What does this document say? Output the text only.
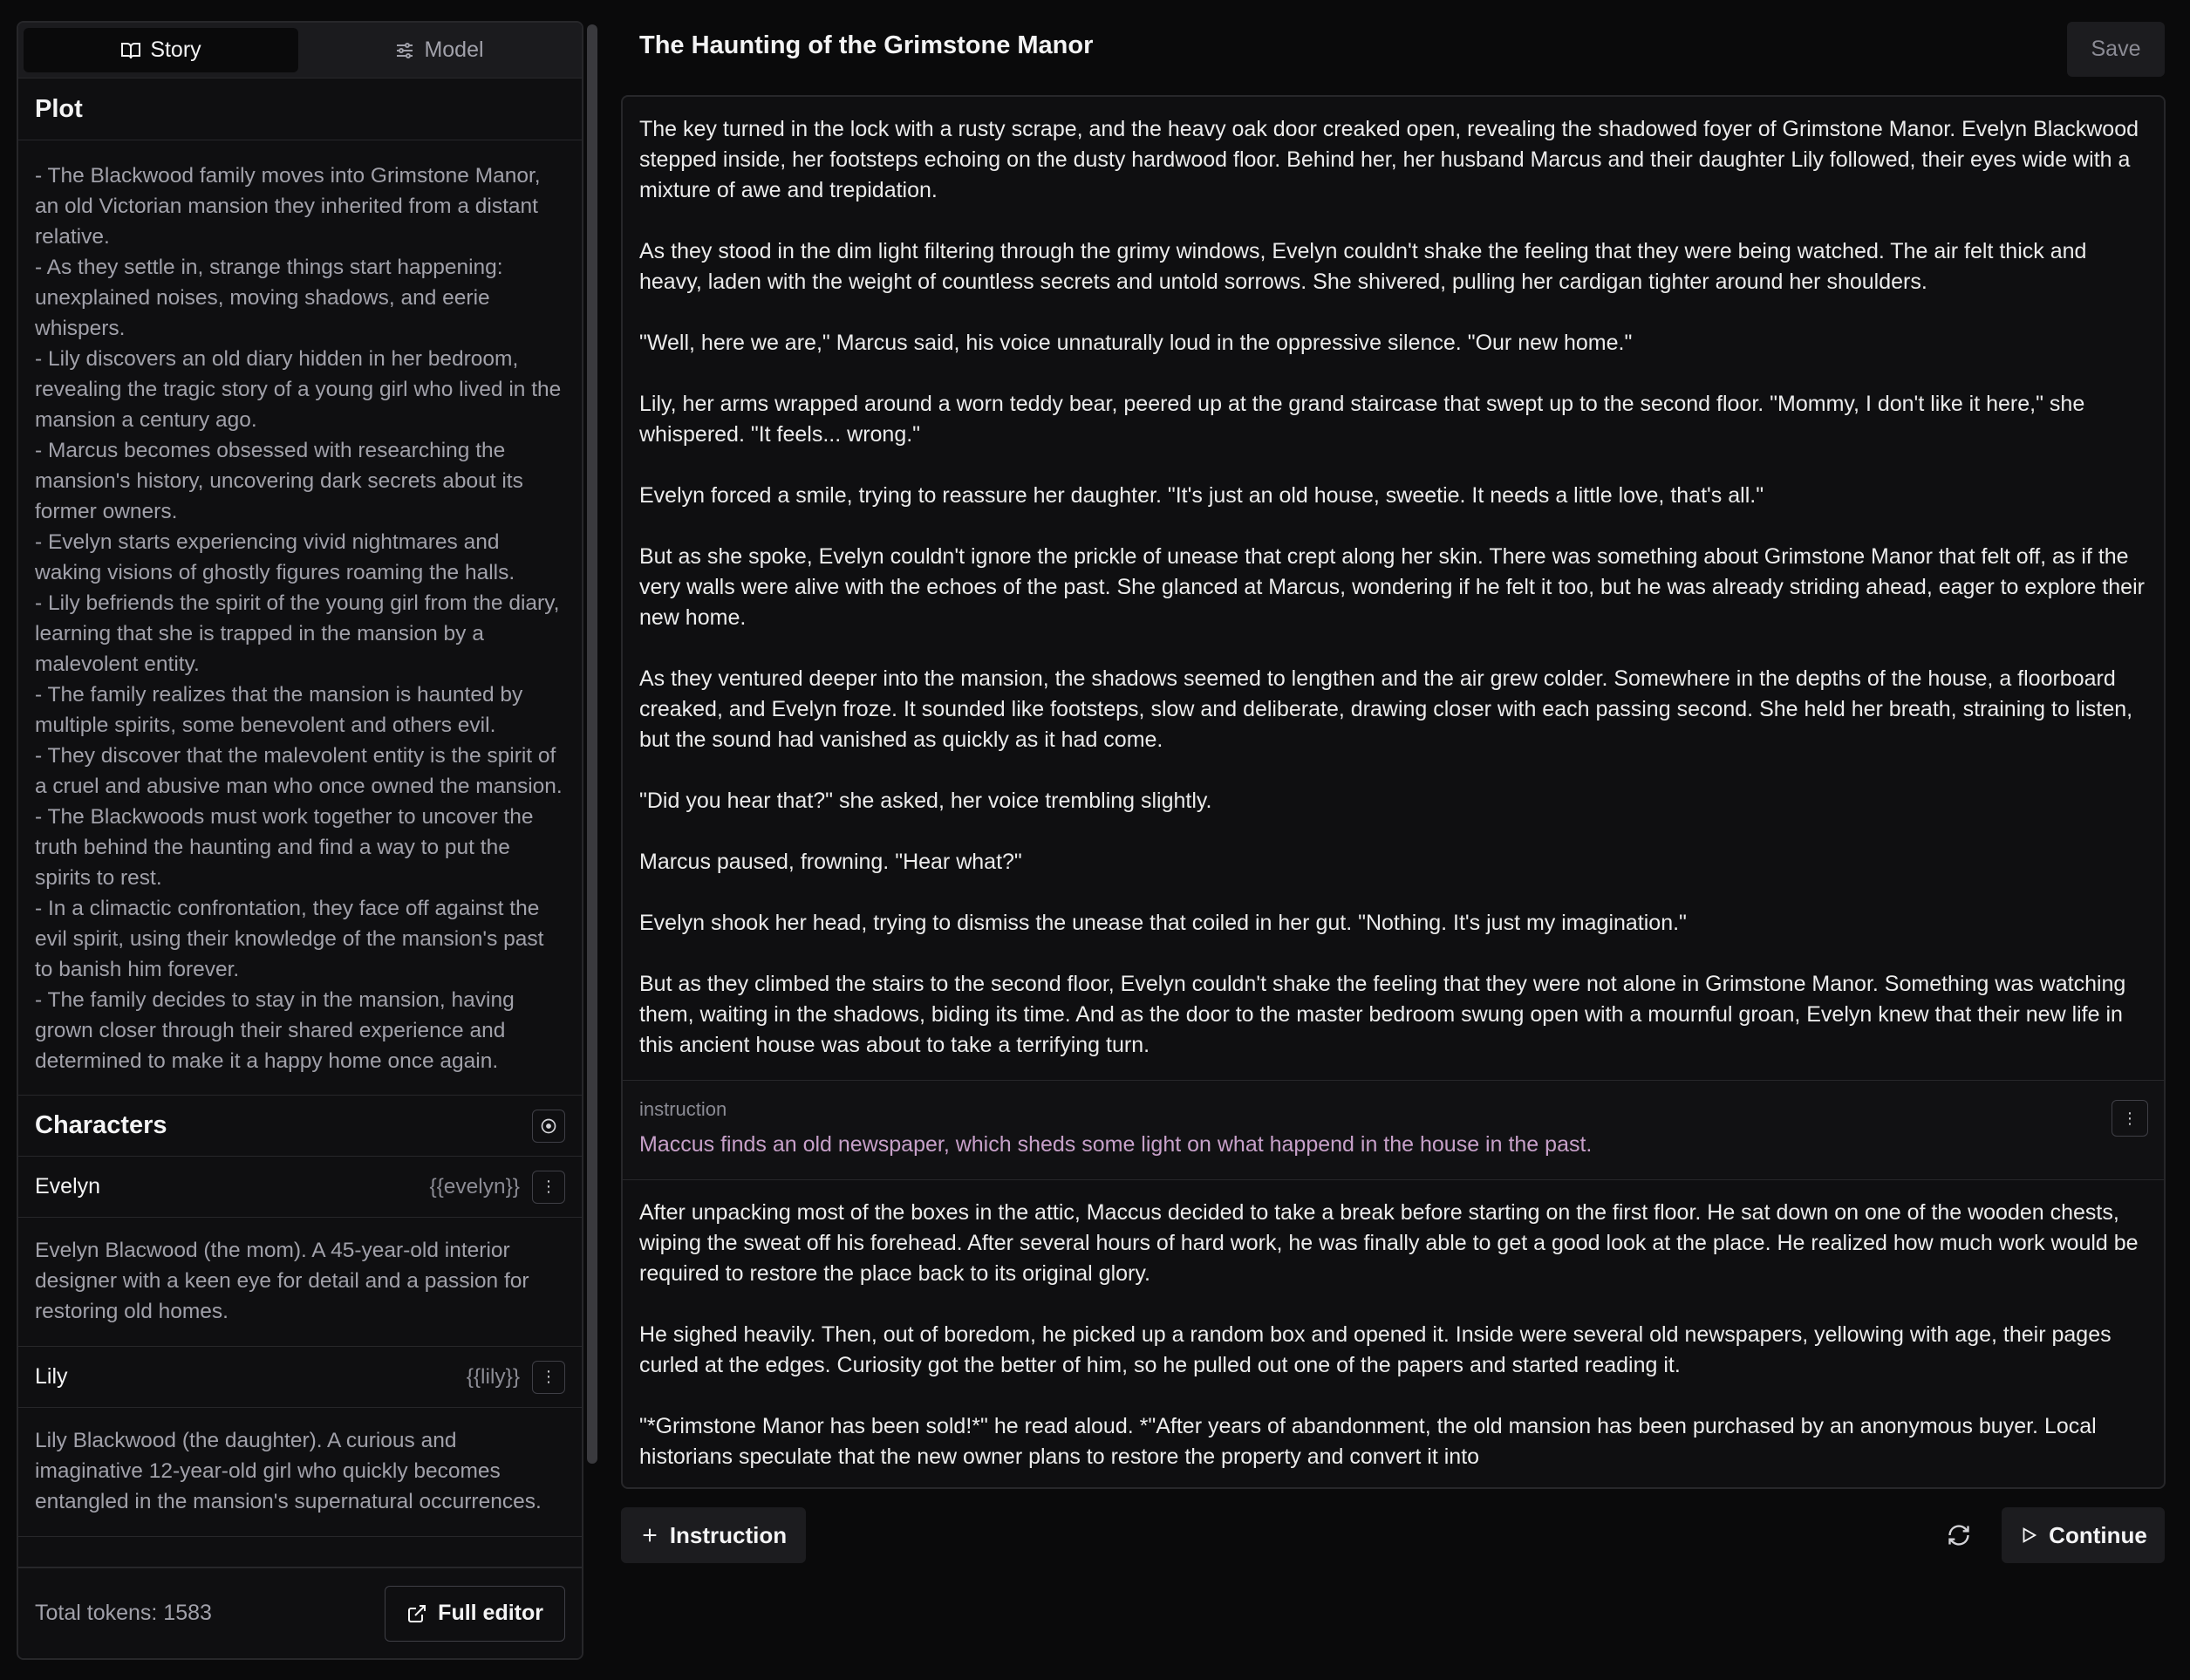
Story	Model
Plot
- The Blackwood family moves into Grimstone Manor, an old Victorian mansion they inherited from a distant relative.
- As they settle in, strange things start happening: unexplained noises, moving shadows, and eerie whispers.
- Lily discovers an old diary hidden in her bedroom, revealing the tragic story of a young girl who lived in the mansion a century ago.
- Marcus becomes obsessed with researching the mansion's history, uncovering dark secrets about its former owners.
- Evelyn starts experiencing vivid nightmares and waking visions of ghostly figures roaming the halls.
- Lily befriends the spirit of the young girl from the diary, learning that she is trapped in the mansion by a malevolent entity.
- The family realizes that the mansion is haunted by multiple spirits, some benevolent and others evil.
- They discover that the malevolent entity is the spirit of a cruel and abusive man who once owned the mansion.
- The Blackwoods must work together to uncover the truth behind the haunting and find a way to put the spirits to rest.
- In a climactic confrontation, they face off against the evil spirit, using their knowledge of the mansion's past to banish him forever.
- The family decides to stay in the mansion, having grown closer through their shared experience and determined to make it a happy home once again.
Characters
Evelyn	{{evelyn}} ⋮
Evelyn Blacwood (the mom). A 45-year-old interior designer with a keen eye for detail and a passion for restoring old homes.
Lily	{{lily}} ⋮
Lily Blackwood (the daughter). A curious and imaginative 12-year-old girl who quickly becomes entangled in the mansion's supernatural occurrences.
Total tokens: 1583	Full editor
The Haunting of the Grimstone Manor	Save

The key turned in the lock with a rusty scrape, and the heavy oak door creaked open, revealing the shadowed foyer of Grimstone Manor. Evelyn Blackwood stepped inside, her footsteps echoing on the dusty hardwood floor. Behind her, her husband Marcus and their daughter Lily followed, their eyes wide with a mixture of awe and trepidation.

As they stood in the dim light filtering through the grimy windows, Evelyn couldn't shake the feeling that they were being watched. The air felt thick and heavy, laden with the weight of countless secrets and untold sorrows. She shivered, pulling her cardigan tighter around her shoulders.

"Well, here we are," Marcus said, his voice unnaturally loud in the oppressive silence. "Our new home."

Lily, her arms wrapped around a worn teddy bear, peered up at the grand staircase that swept up to the second floor. "Mommy, I don't like it here," she whispered. "It feels... wrong."

Evelyn forced a smile, trying to reassure her daughter. "It's just an old house, sweetie. It needs a little love, that's all."

But as she spoke, Evelyn couldn't ignore the prickle of unease that crept along her skin. There was something about Grimstone Manor that felt off, as if the very walls were alive with the echoes of the past. She glanced at Marcus, wondering if he felt it too, but he was already striding ahead, eager to explore their new home.

As they ventured deeper into the mansion, the shadows seemed to lengthen and the air grew colder. Somewhere in the depths of the house, a floorboard creaked, and Evelyn froze. It sounded like footsteps, slow and deliberate, drawing closer with each passing second. She held her breath, straining to listen, but the sound had vanished as quickly as it had come.

"Did you hear that?" she asked, her voice trembling slightly.

Marcus paused, frowning. "Hear what?"

Evelyn shook her head, trying to dismiss the unease that coiled in her gut. "Nothing. It's just my imagination."

But as they climbed the stairs to the second floor, Evelyn couldn't shake the feeling that they were not alone in Grimstone Manor. Something was watching them, waiting in the shadows, biding its time. And as the door to the master bedroom swung open with a mournful groan, Evelyn knew that their new life in this ancient house was about to take a terrifying turn.

instruction
Maccus finds an old newspaper, which sheds some light on what happend in the house in the past.
⋮

After unpacking most of the boxes in the attic, Maccus decided to take a break before starting on the first floor. He sat down on one of the wooden chests, wiping the sweat off his forehead. After several hours of hard work, he was finally able to get a good look at the place. He realized how much work would be required to restore the place back to its original glory.

He sighed heavily. Then, out of boredom, he picked up a random box and opened it. Inside were several old newspapers, yellowing with age, their pages curled at the edges. Curiosity got the better of him, so he pulled out one of the papers and started reading it.

"*Grimstone Manor has been sold!*" he read aloud. *"After years of abandonment, the old mansion has been purchased by an anonymous buyer. Local historians speculate that the new owner plans to restore the property and convert it into

Instruction	Continue
